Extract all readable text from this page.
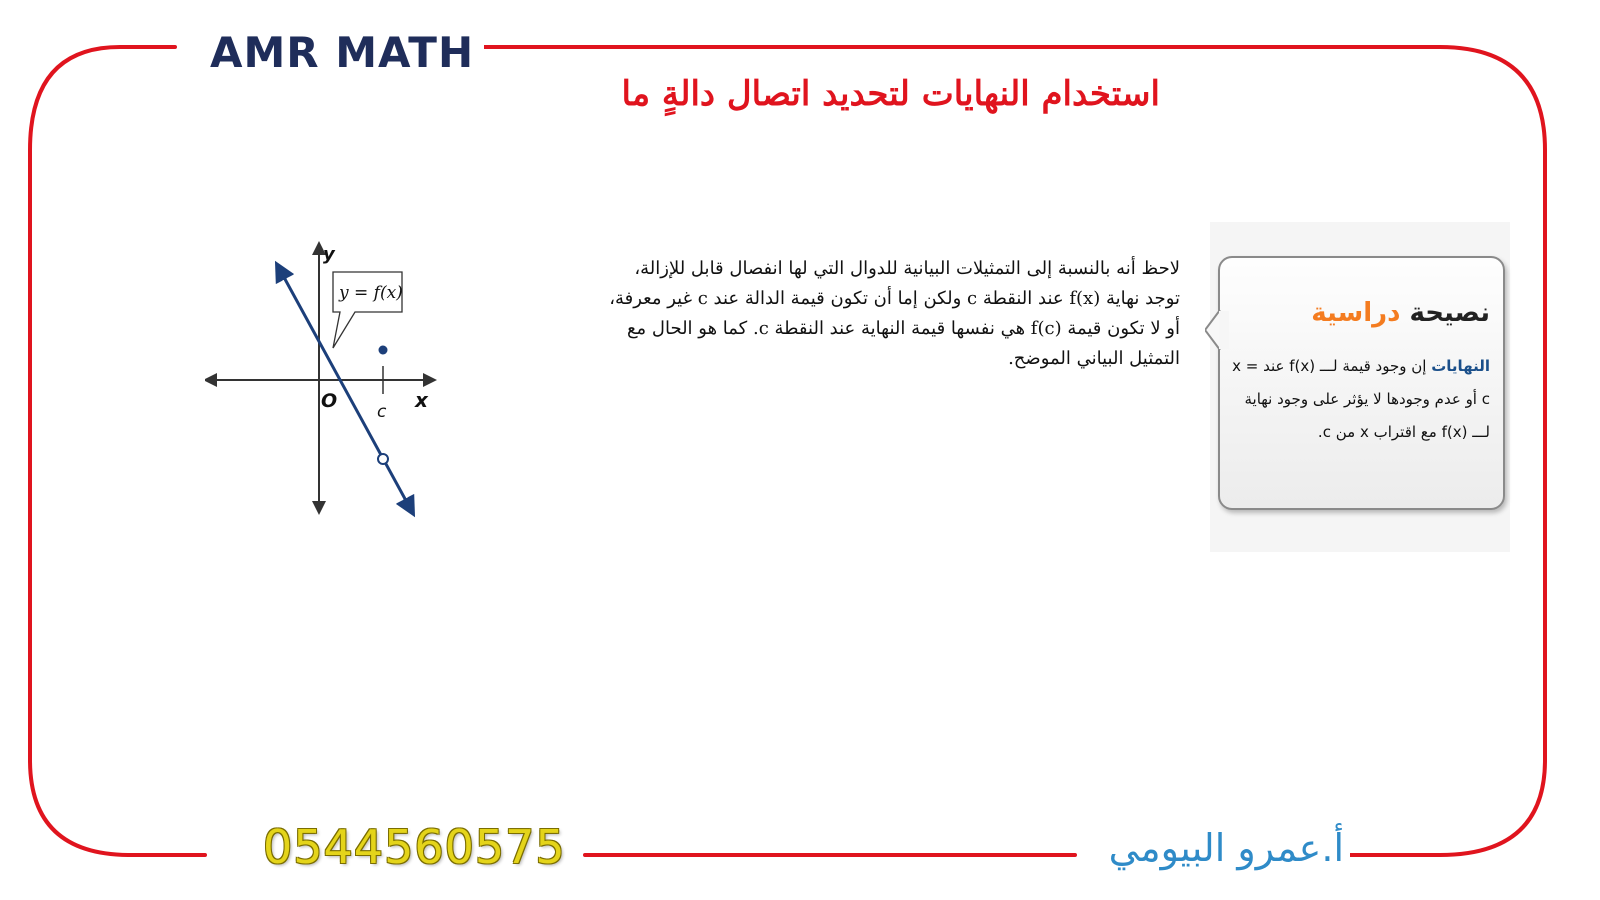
AMR MATH
استخدام النهايات لتحديد اتصال دالةٍ ما
y = f(x)
y
x
O c

لاحظ أنه بالنسبة إلى التمثيلات البيانية للدوال التي لها انفصال قابل للإزالة،

توجد نهاية f(x) عند النقطة c ولكن إما أن تكون قيمة الدالة عند c غير معرفة،

أو لا تكون قيمة f(c) هي نفسها قيمة النهاية عند النقطة c. كما هو الحال مع

التمثيل البياني الموضح.

نصيحة دراسية
النهايات إن وجود قيمة لـــ f(x) عند x = c أو عدم وجودها لا يؤثر على وجود نهاية لـــ f(x) مع اقتراب x من c.
0544560575	أ.عمرو البيومي
